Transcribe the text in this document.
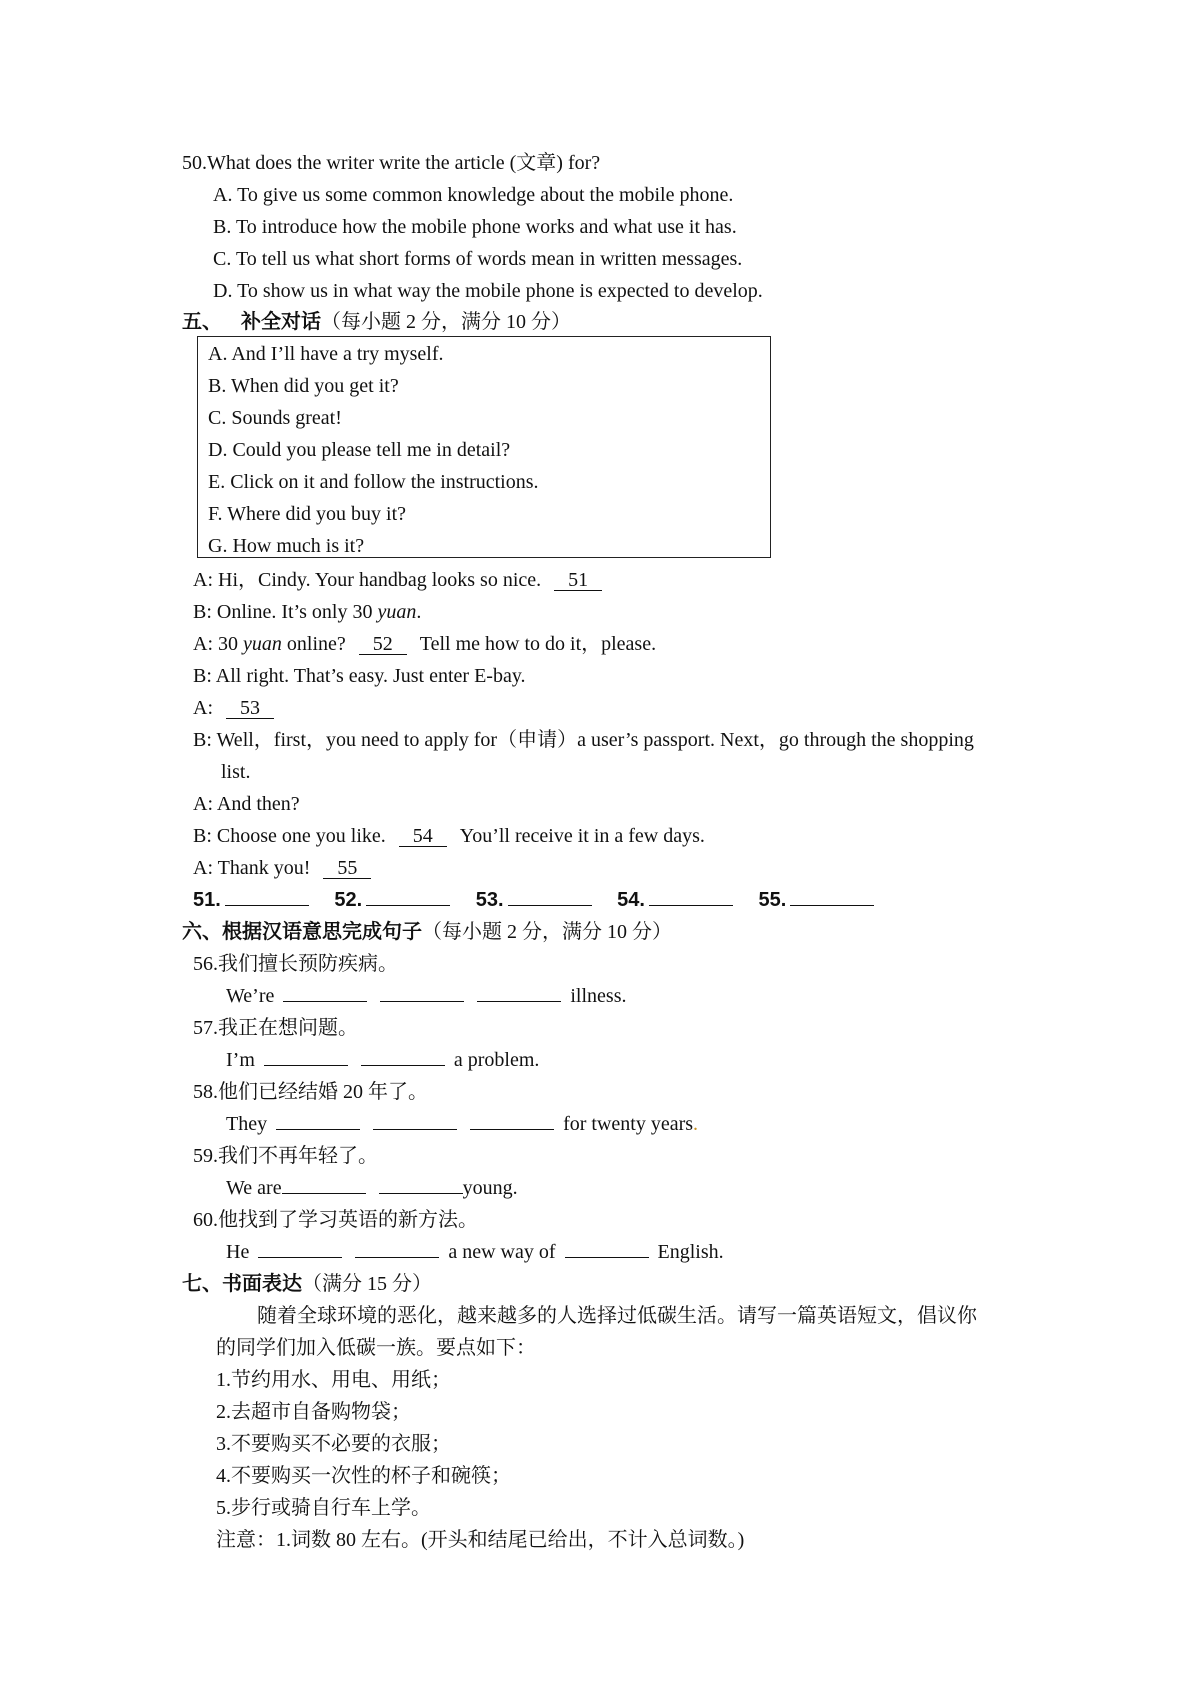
50.What does the writer write the article (文章) for?
A. To give us some common knowledge about the mobile phone.
B. To introduce how the mobile phone works and what use it has.
C. To tell us what short forms of words mean in written messages.
D. To show us in what way the mobile phone is expected to develop.
五、 补全对话（每小题 2 分，满分 10 分）
A. And I’ll have a try myself.
B. When did you get it?
C. Sounds great!
D. Could you please tell me in detail?
E. Click on it and follow the instructions.
F. Where did you buy it?
G. How much is it?
A: Hi，Cindy. Your handbag looks so nice. 51
B: Online. It’s only 30 yuan.
A: 30 yuan online? 52 Tell me how to do it，please.
B: All right. That’s easy. Just enter E-bay.
A: 53
B: Well，first，you need to apply for（申请）a user’s passport. Next，go through the shopping
list.
A: And then?
B: Choose one you like. 54 You’ll receive it in a few days.
A: Thank you! 55
51.	52.	53.	54.	55.
六、根据汉语意思完成句子（每小题 2 分，满分 10 分）
56.我们擅长预防疾病。
We’re	illness.
57.我正在想问题。
I’m	a problem.
58.他们已经结婚 20 年了。
They	for twenty years.
59.我们不再年轻了。
We are	young.
60.他找到了学习英语的新方法。
He	a new way of	English.
七、书面表达（满分 15 分）
随着全球环境的恶化，越来越多的人选择过低碳生活。请写一篇英语短文，倡议你
的同学们加入低碳一族。要点如下：
1.节约用水、用电、用纸；
2.去超市自备购物袋；
3.不要购买不必要的衣服；
4.不要购买一次性的杯子和碗筷；
5.步行或骑自行车上学。
注意：1.词数 80 左右。(开头和结尾已给出，不计入总词数。)
